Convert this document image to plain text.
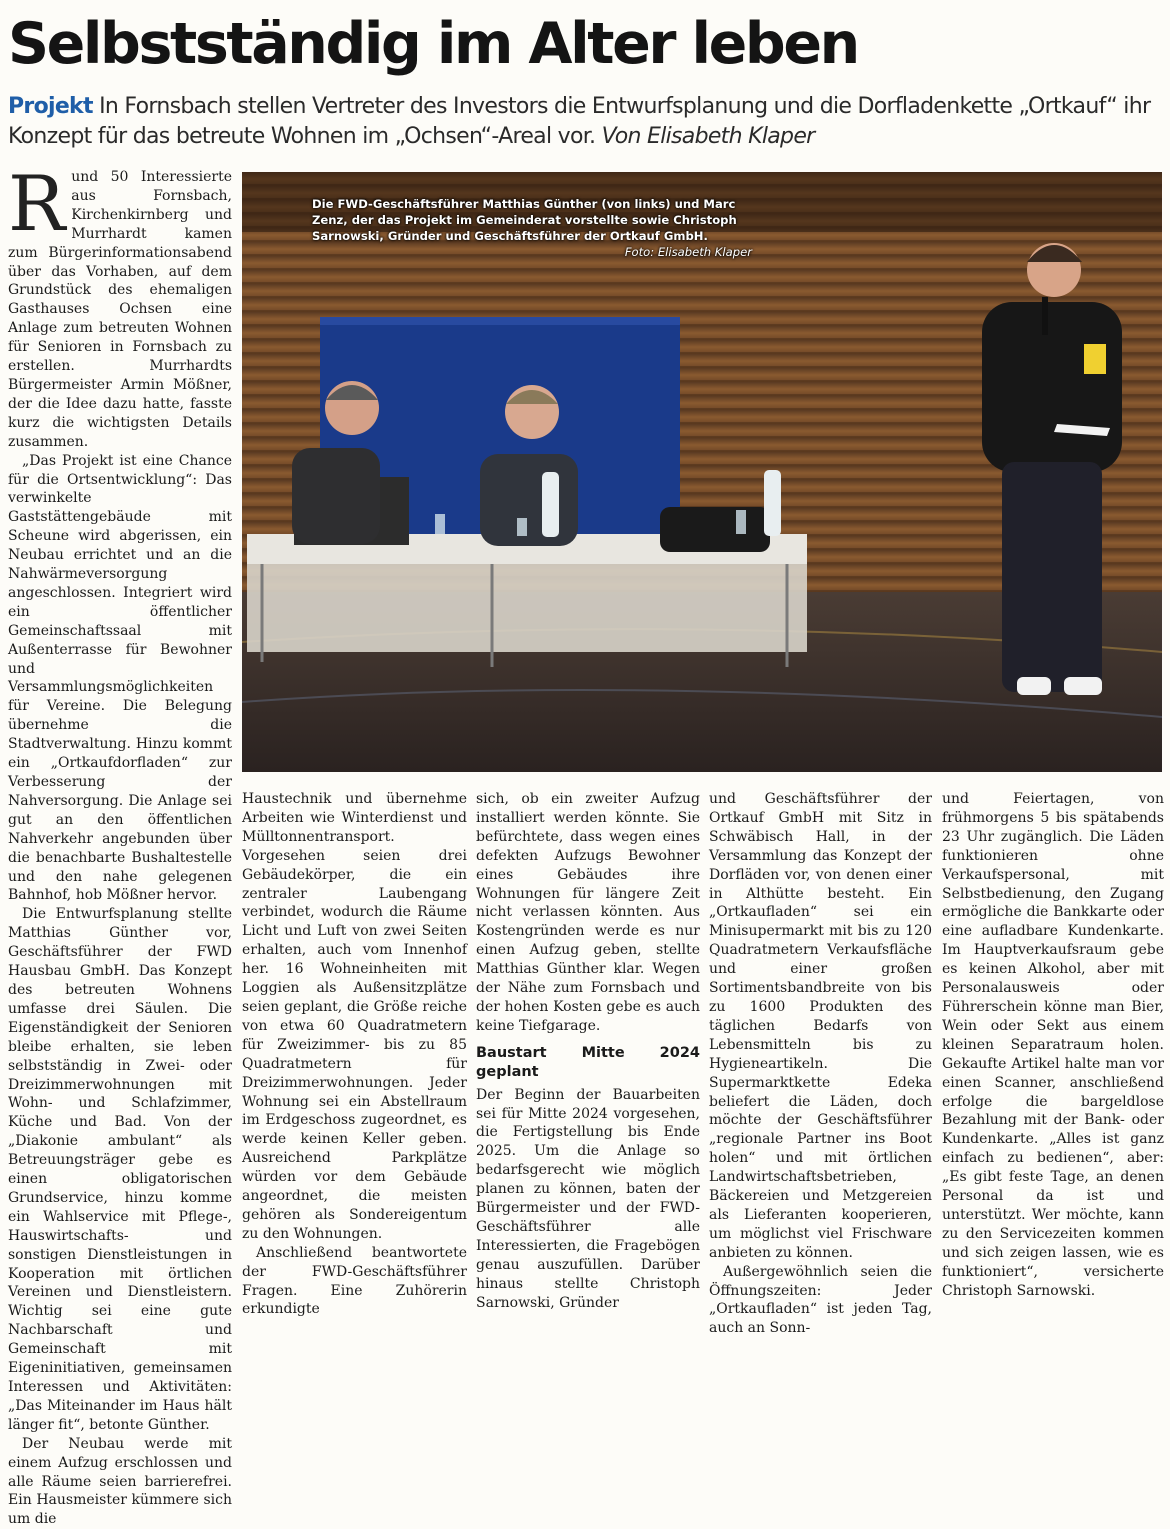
Selbstständig im Alter leben

Projekt In Fornsbach stellen Vertreter des Investors die Entwurfsplanung und die Dorfladenkette „Ortkauf“ ihr Konzept für das betreute Wohnen im „Ochsen“-Areal vor. Von Elisabeth Klaper

Rund 50 Interessierte aus Fornsbach, Kirchenkirnberg und Murrhardt kamen zum Bürgerinformationsabend über das Vorhaben, auf dem Grundstück des ehemaligen Gasthauses Ochsen eine Anlage zum betreuten Wohnen für Senioren in Fornsbach zu erstellen. Murrhardts Bürgermeister Armin Mößner, der die Idee dazu hatte, fasste kurz die wichtigsten Details zusammen.

„Das Projekt ist eine Chance für die Ortsentwicklung“: Das verwinkelte Gaststättengebäude mit Scheune wird abgerissen, ein Neubau errichtet und an die Nahwärmeversorgung angeschlossen. Integriert wird ein öffentlicher Gemeinschaftssaal mit Außenterrasse für Bewohner und Versammlungsmöglichkeiten für Vereine. Die Belegung übernehme die Stadtverwaltung. Hinzu kommt ein „Ortkaufdorfladen“ zur Verbesserung der Nahversorgung. Die Anlage sei gut an den öffentlichen Nahverkehr angebunden über die benachbarte Bushaltestelle und den nahe gelegenen Bahnhof, hob Mößner hervor.

Die Entwurfsplanung stellte Matthias Günther vor, Geschäftsführer der FWD Hausbau GmbH. Das Konzept des betreuten Wohnens umfasse drei Säulen. Die Eigenständigkeit der Senioren bleibe erhalten, sie leben selbstständig in Zwei- oder Dreizimmerwohnungen mit Wohn- und Schlafzimmer, Küche und Bad. Von der „Diakonie ambulant“ als Betreuungsträger gebe es einen obligatorischen Grundservice, hinzu komme ein Wahlservice mit Pflege-, Hauswirtschafts- und sonstigen Dienstleistungen in Kooperation mit örtlichen Vereinen und Dienstleistern. Wichtig sei eine gute Nachbarschaft und Gemeinschaft mit Eigeninitiativen, gemeinsamen Interessen und Aktivitäten: „Das Miteinander im Haus hält länger fit“, betonte Günther.

Der Neubau werde mit einem Aufzug erschlossen und alle Räume seien barrierefrei. Ein Hausmeister kümmere sich um die

Die FWD-Geschäftsführer Matthias Günther (von links) und Marc Zenz, der das Projekt im Gemeinderat vorstellte sowie Christoph Sarnowski, Gründer und Geschäftsführer der Ortkauf GmbH.
Foto: Elisabeth Klaper

Haustechnik und übernehme Arbeiten wie Winterdienst und Mülltonnentransport. Vorgesehen seien drei Gebäudekörper, die ein zentraler Laubengang verbindet, wodurch die Räume Licht und Luft von zwei Seiten erhalten, auch vom Innenhof her. 16 Wohneinheiten mit Loggien als Außensitzplätze seien geplant, die Größe reiche von etwa 60 Quadratmetern für Zweizimmer- bis zu 85 Quadratmetern für Dreizimmerwohnungen. Jeder Wohnung sei ein Abstellraum im Erdgeschoss zugeordnet, es werde keinen Keller geben. Ausreichend Parkplätze würden vor dem Gebäude angeordnet, die meisten gehören als Sondereigentum zu den Wohnungen.

Anschließend beantwortete der FWD-Geschäftsführer Fragen. Eine Zuhörerin erkundigte

sich, ob ein zweiter Aufzug installiert werden könnte. Sie befürchtete, dass wegen eines defekten Aufzugs Bewohner eines Gebäudes ihre Wohnungen für längere Zeit nicht verlassen könnten. Aus Kostengründen werde es nur einen Aufzug geben, stellte Matthias Günther klar. Wegen der Nähe zum Fornsbach und der hohen Kosten gebe es auch keine Tiefgarage.

Baustart Mitte 2024 geplant

Der Beginn der Bauarbeiten sei für Mitte 2024 vorgesehen, die Fertigstellung bis Ende 2025. Um die Anlage so bedarfsgerecht wie möglich planen zu können, baten der Bürgermeister und der FWD-Geschäftsführer alle Interessierten, die Fragebögen genau auszufüllen. Darüber hinaus stellte Christoph Sarnowski, Gründer

und Geschäftsführer der Ortkauf GmbH mit Sitz in Schwäbisch Hall, in der Versammlung das Konzept der Dorfläden vor, von denen einer in Althütte besteht. Ein „Ortkaufladen“ sei ein Minisupermarkt mit bis zu 120 Quadratmetern Verkaufsfläche und einer großen Sortimentsbandbreite von bis zu 1600 Produkten des täglichen Bedarfs von Lebensmitteln bis zu Hygieneartikeln. Die Supermarktkette Edeka beliefert die Läden, doch möchte der Geschäftsführer „regionale Partner ins Boot holen“ und mit örtlichen Landwirtschaftsbetrieben, Bäckereien und Metzgereien als Lieferanten kooperieren, um möglichst viel Frischware anbieten zu können.

Außergewöhnlich seien die Öffnungszeiten: Jeder „Ortkaufladen“ ist jeden Tag, auch an Sonn-

und Feiertagen, von frühmorgens 5 bis spätabends 23 Uhr zugänglich. Die Läden funktionieren ohne Verkaufspersonal, mit Selbstbedienung, den Zugang ermögliche die Bankkarte oder eine aufladbare Kundenkarte. Im Hauptverkaufsraum gebe es keinen Alkohol, aber mit Personalausweis oder Führerschein könne man Bier, Wein oder Sekt aus einem kleinen Separatraum holen. Gekaufte Artikel halte man vor einen Scanner, anschließend erfolge die bargeldlose Bezahlung mit der Bank- oder Kundenkarte. „Alles ist ganz einfach zu bedienen“, aber: „Es gibt feste Tage, an denen Personal da ist und unterstützt. Wer möchte, kann zu den Servicezeiten kommen und sich zeigen lassen, wie es funktioniert“, versicherte Christoph Sarnowski.
